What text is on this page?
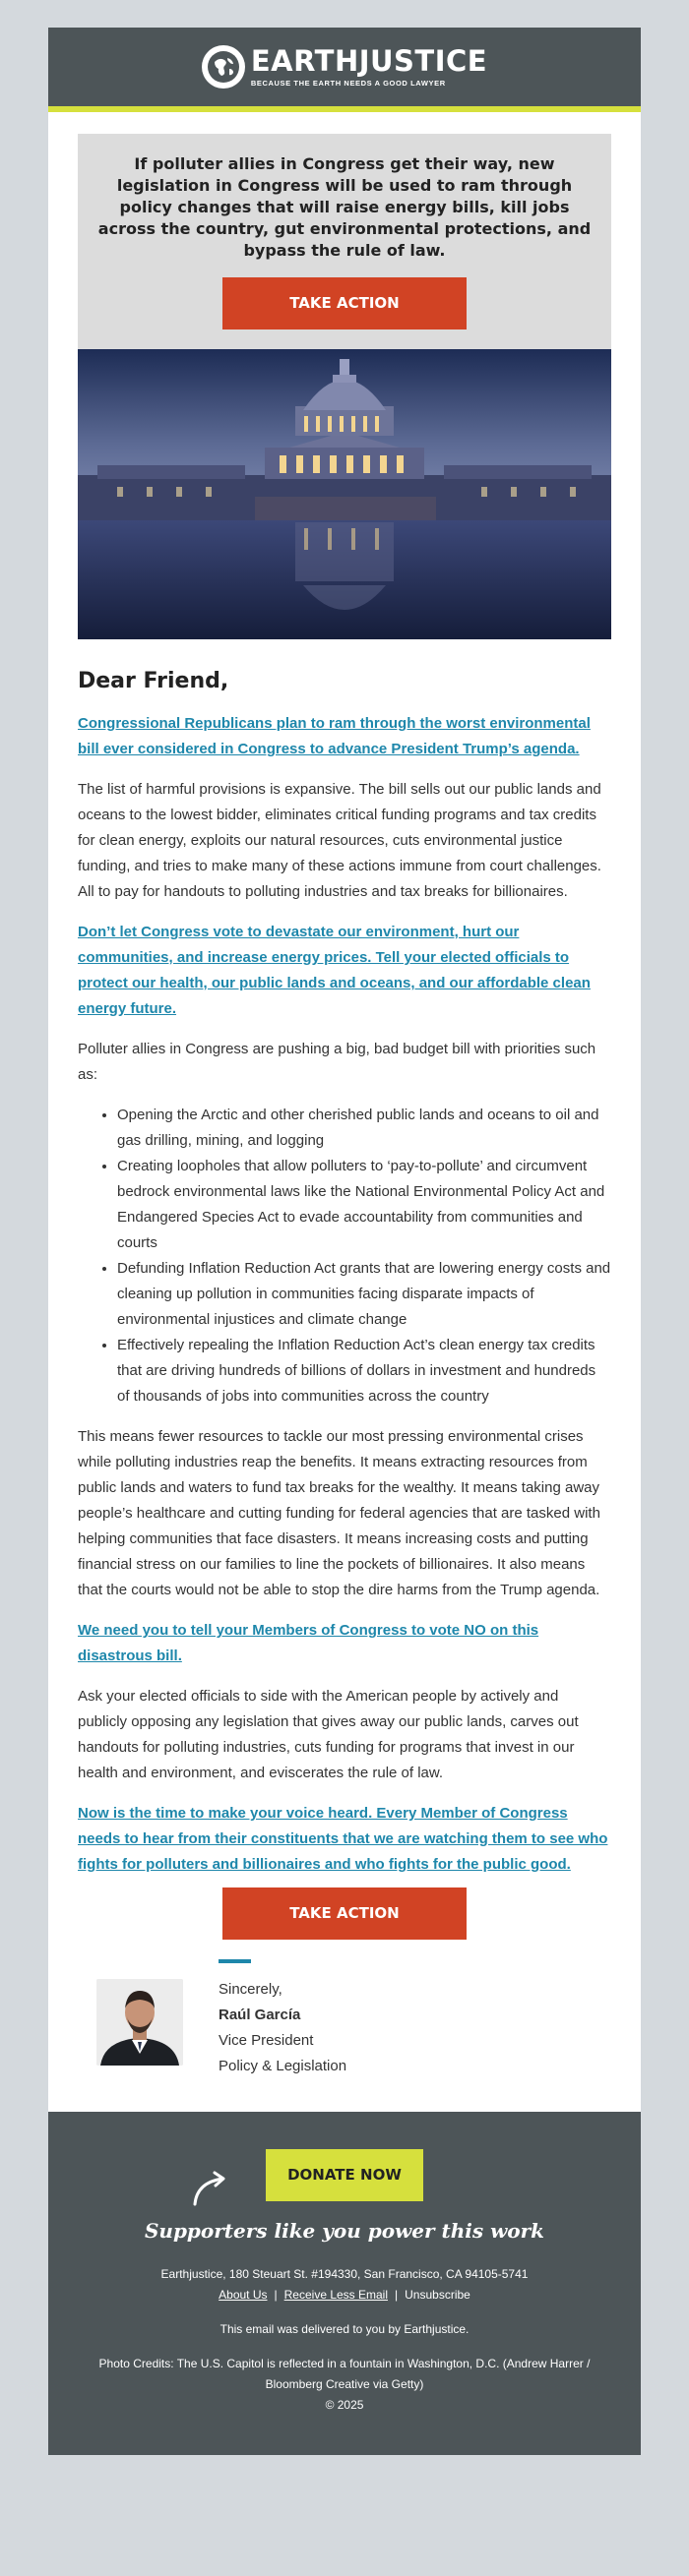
EARTHJUSTICE
BECAUSE THE EARTH NEEDS A GOOD LAWYER

If polluter allies in Congress get their way, new legislation in Congress will be used to ram through policy changes that will raise energy bills, kill jobs across the country, gut environmental protections, and bypass the rule of law.

TAKE ACTION
Dear Friend,

Congressional Republicans plan to ram through the worst environmental bill ever considered in Congress to advance President Trump’s agenda.

The list of harmful provisions is expansive. The bill sells out our public lands and oceans to the lowest bidder, eliminates critical funding programs and tax credits for clean energy, exploits our natural resources, cuts environmental justice funding, and tries to make many of these actions immune from court challenges. All to pay for handouts to polluting industries and tax breaks for billionaires.

Don’t let Congress vote to devastate our environment, hurt our communities, and increase energy prices. Tell your elected officials to protect our health, our public lands and oceans, and our affordable clean energy future.

Polluter allies in Congress are pushing a big, bad budget bill with priorities such as:

• Opening the Arctic and other cherished public lands and oceans to oil and gas drilling, mining, and logging
• Creating loopholes that allow polluters to ‘pay-to-pollute’ and circumvent bedrock environmental laws like the National Environmental Policy Act and Endangered Species Act to evade accountability from communities and courts
• Defunding Inflation Reduction Act grants that are lowering energy costs and cleaning up pollution in communities facing disparate impacts of environmental injustices and climate change
• Effectively repealing the Inflation Reduction Act’s clean energy tax credits that are driving hundreds of billions of dollars in investment and hundreds of thousands of jobs into communities across the country

This means fewer resources to tackle our most pressing environmental crises while polluting industries reap the benefits. It means extracting resources from public lands and waters to fund tax breaks for the wealthy. It means taking away people’s healthcare and cutting funding for federal agencies that are tasked with helping communities that face disasters. It means increasing costs and putting financial stress on our families to line the pockets of billionaires. It also means that the courts would not be able to stop the dire harms from the Trump agenda.

We need you to tell your Members of Congress to vote NO on this disastrous bill.

Ask your elected officials to side with the American people by actively and publicly opposing any legislation that gives away our public lands, carves out handouts for polluting industries, cuts funding for programs that invest in our health and environment, and eviscerates the rule of law.

Now is the time to make your voice heard. Every Member of Congress needs to hear from their constituents that we are watching them to see who fights for polluters and billionaires and who fights for the public good.

TAKE ACTION
Sincerely,
Raúl García
Vice President
Policy & Legislation
DONATE NOW
Supporters like you power this work

Earthjustice, 180 Steuart St. #194330, San Francisco, CA 94105-5741

About Us | Receive Less Email | Unsubscribe

This email was delivered to you by Earthjustice.

Photo Credits: The U.S. Capitol is reflected in a fountain in Washington, D.C. (Andrew Harrer / Bloomberg Creative via Getty)

© 2025
